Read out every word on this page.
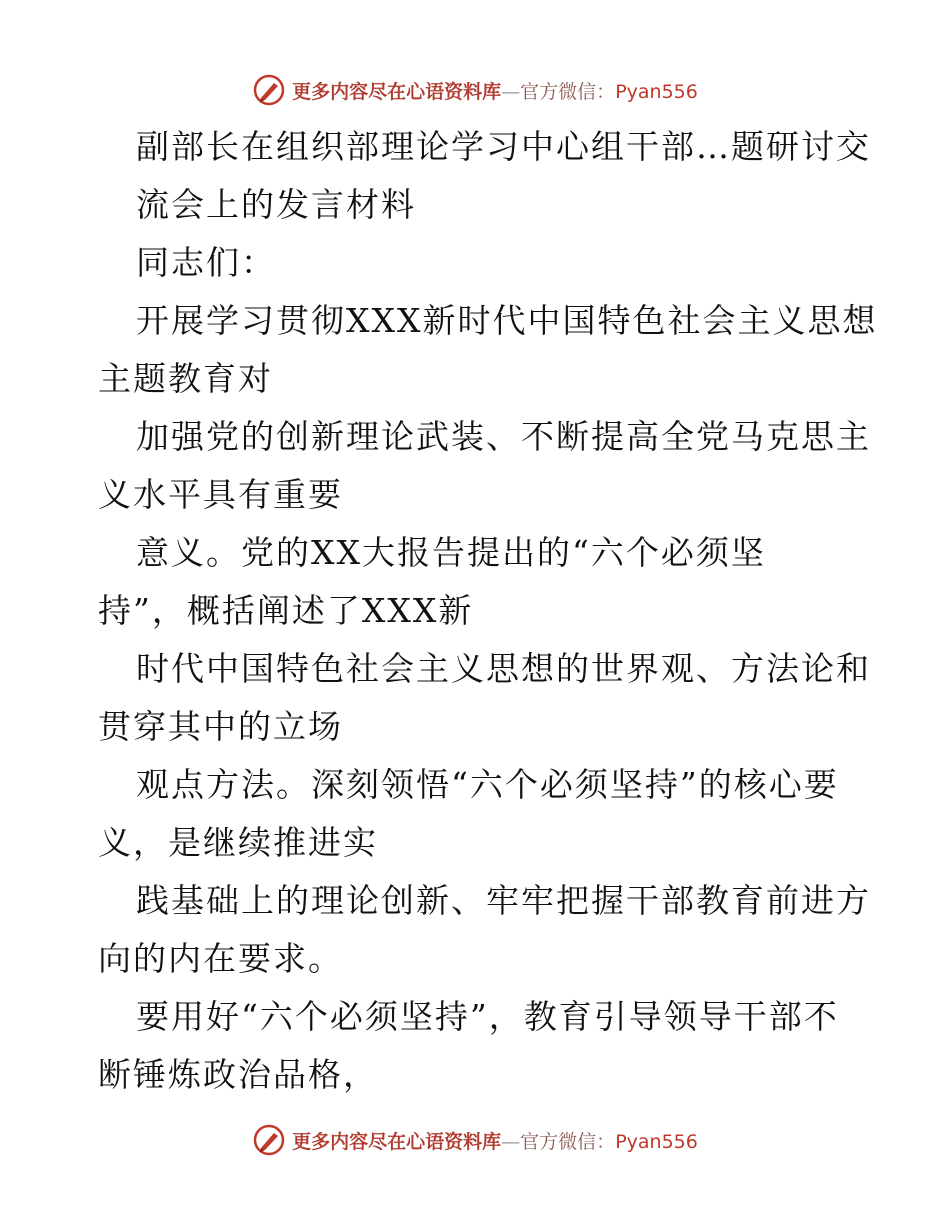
更多内容尽在心语资料库—官方微信：Pyan556

副部长在组织部理论学习中心组干部…题研讨交

流会上的发言材料

同志们：

开展学习贯彻XXX新时代中国特色社会主义思想

主题教育对

加强党的创新理论武装、不断提高全党马克思主

义水平具有重要

意义。党的XX大报告提出的“六个必须坚

持”，概括阐述了XXX新

时代中国特色社会主义思想的世界观、方法论和

贯穿其中的立场

观点方法。深刻领悟“六个必须坚持”的核心要

义，是继续推进实

践基础上的理论创新、牢牢把握干部教育前进方

向的内在要求。

要用好“六个必须坚持”，教育引导领导干部不

断锤炼政治品格，

更多内容尽在心语资料库—官方微信：Pyan556
